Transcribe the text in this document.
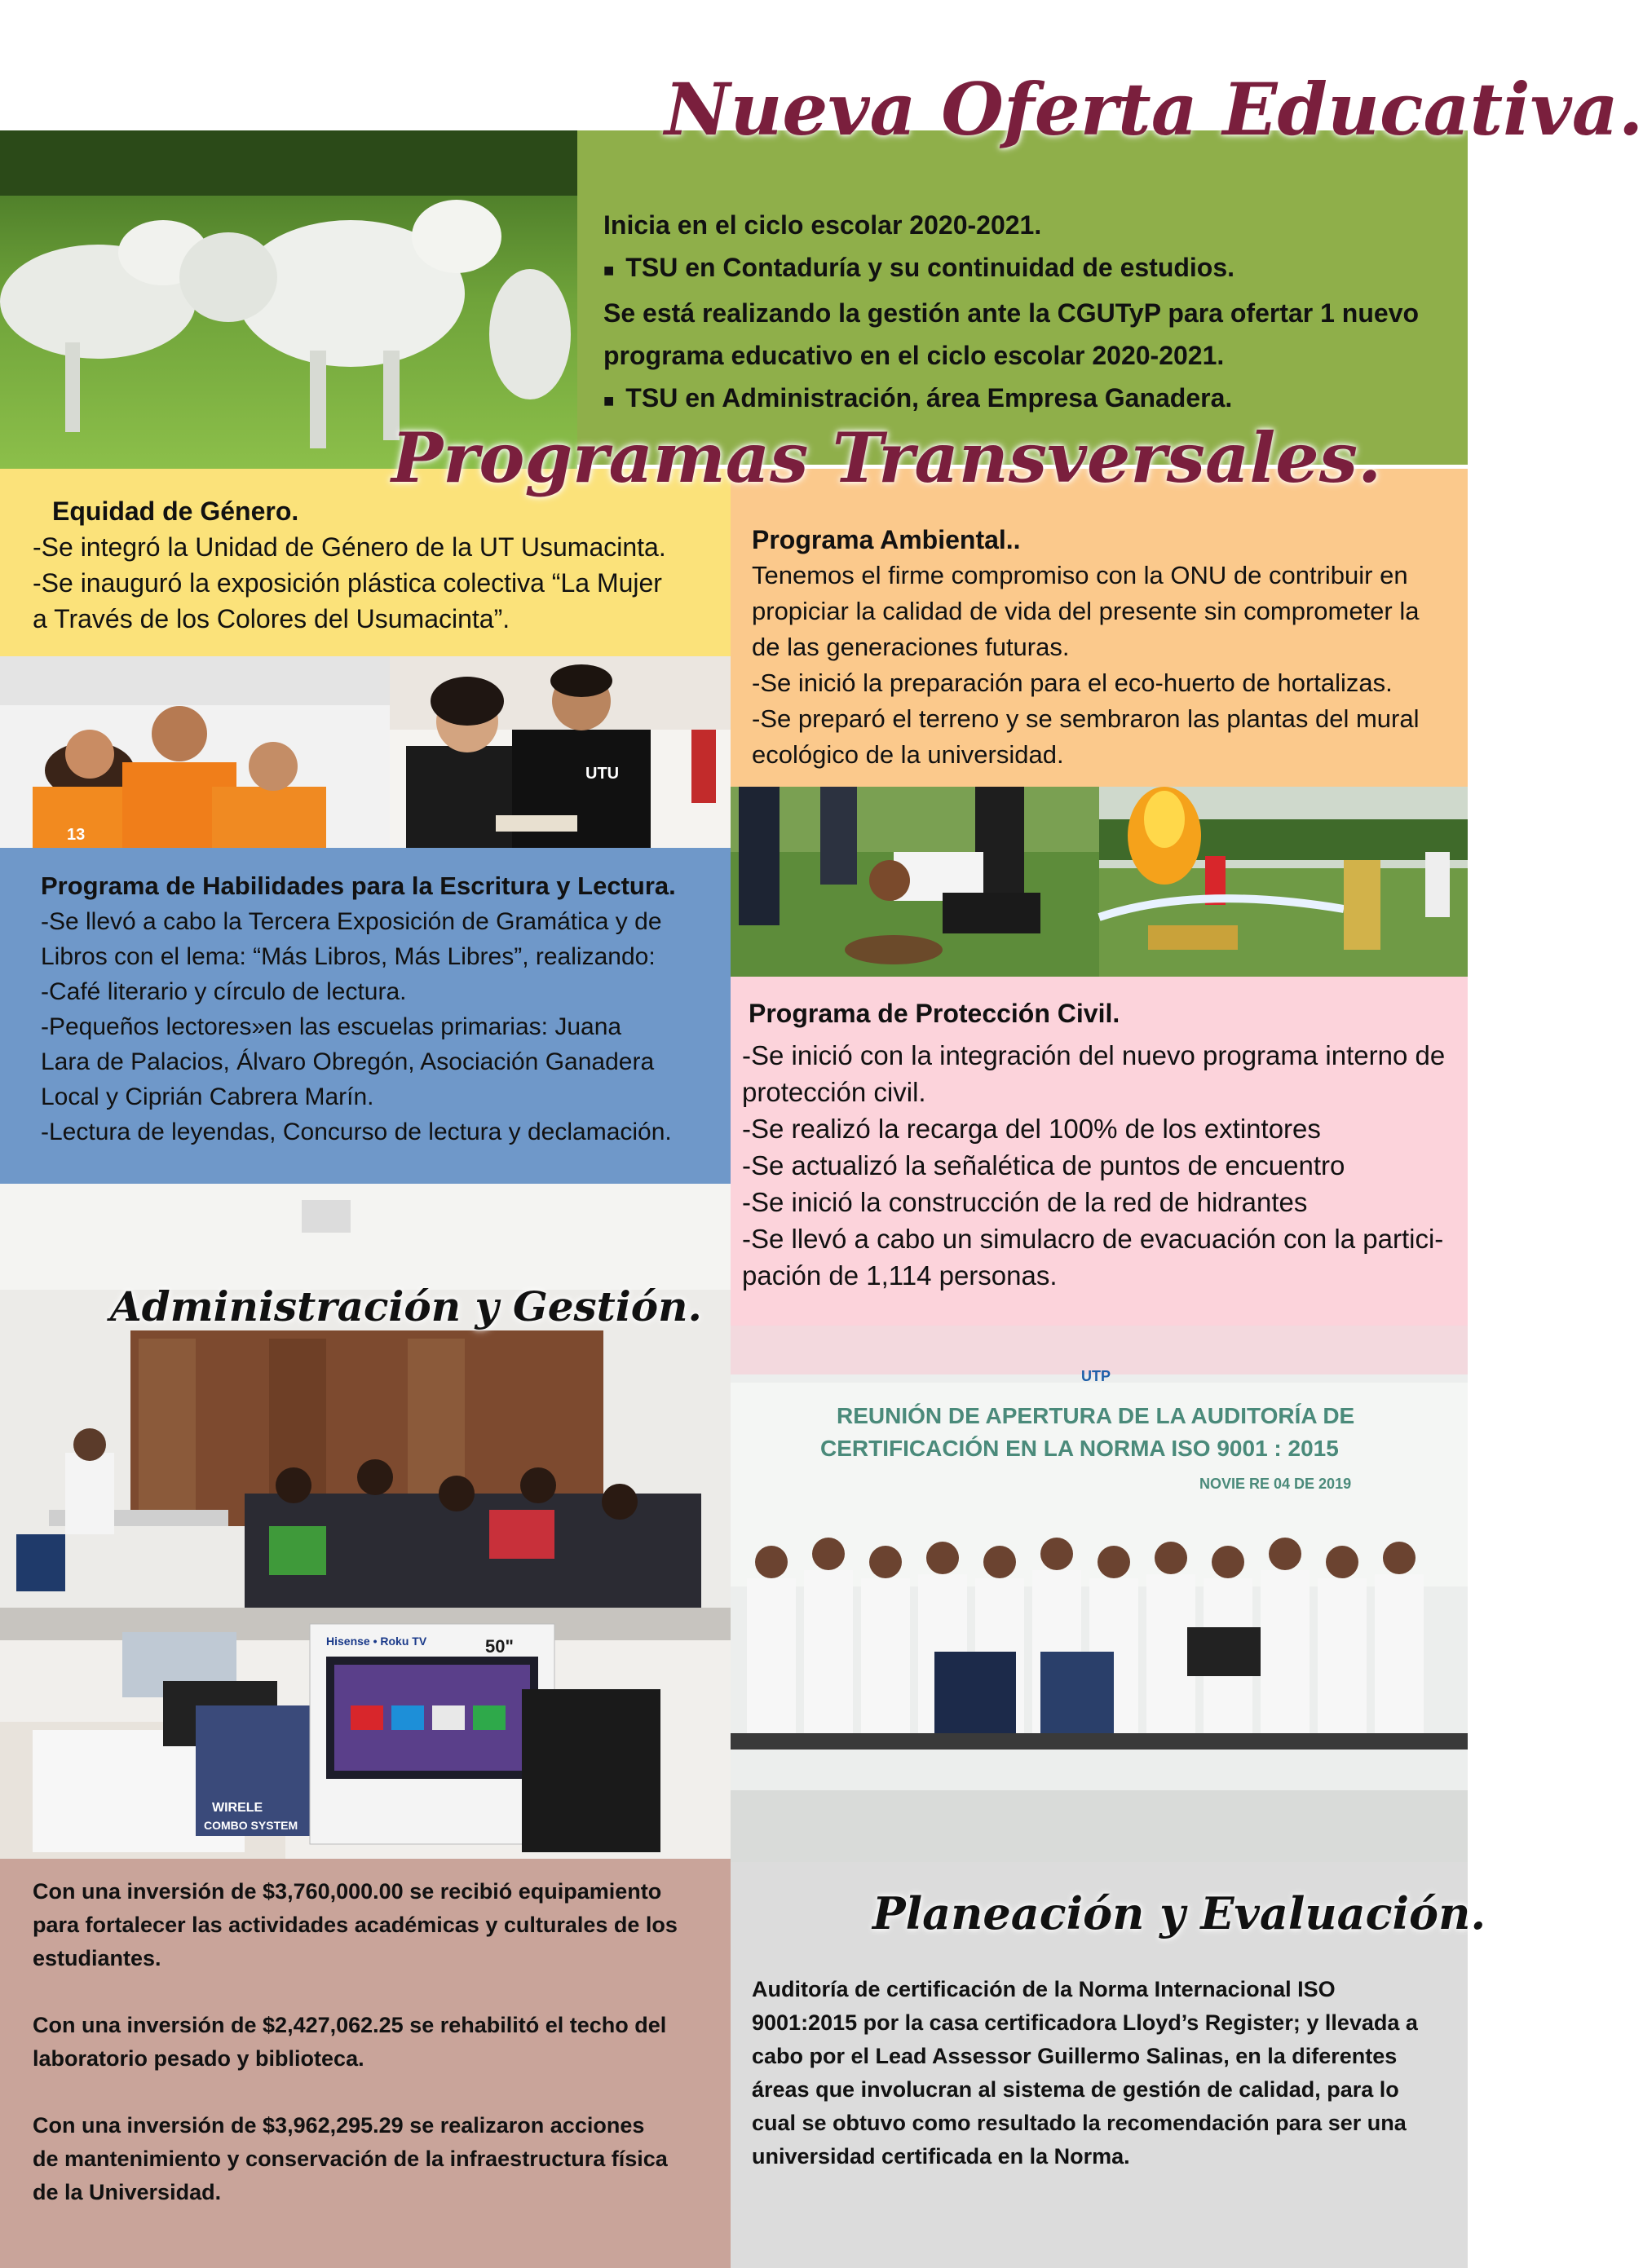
13
UTU
Hisense • Roku TV	50"
WIRELE
COMBO SYSTEM
REUNIÓN DE APERTURA DE LA AUDITORÍA DE
CERTIFICACIÓN EN LA NORMA ISO 9001 : 2015
NOVIE RE 04 DE 2019
UTP
Nueva Oferta Educativa.
Programas Transversales.
Administración y Gestión.
Planeación y Evaluación.
Inicia en el ciclo escolar 2020-2021.
■ TSU en Contaduría y su continuidad de estudios.
Se está realizando la gestión ante la CGUTyP para ofertar 1 nuevo
programa educativo en el ciclo escolar 2020-2021.
■ TSU en Administración, área Empresa Ganadera.
Equidad de Género.
-Se integró la Unidad de Género de la UT Usumacinta.
-Se inauguró la exposición plástica colectiva “La Mujer
a Través de los Colores del Usumacinta”.
Programa Ambiental..
Tenemos el firme compromiso con la ONU de contribuir en
propiciar la calidad de vida del presente sin comprometer la
de las generaciones futuras.
-Se inició la preparación para el eco-huerto de hortalizas.
-Se preparó el terreno y se sembraron las plantas del mural
ecológico de la universidad.
Programa de Habilidades para la Escritura y Lectura.
-Se llevó a cabo la Tercera Exposición de Gramática y de
Libros con el lema: “Más Libros, Más Libres”, realizando:
-Café literario y círculo de lectura.
-Pequeños lectores»en las escuelas primarias: Juana
Lara de Palacios, Álvaro Obregón, Asociación Ganadera
Local y Ciprián Cabrera Marín.
-Lectura de leyendas, Concurso de lectura y declamación.
Programa de Protección Civil.
-Se inició con la integración del nuevo programa interno de
protección civil.
-Se realizó la recarga del 100% de los extintores
-Se actualizó la señalética de puntos de encuentro
-Se inició la construcción de la red de hidrantes
-Se llevó a cabo un simulacro de evacuación con la partici-
pación de 1,114 personas.
Con una inversión de $3,760,000.00 se recibió equipamiento
para fortalecer las actividades académicas y culturales de los
estudiantes.
Con una inversión de $2,427,062.25 se rehabilitó el techo del
laboratorio pesado y biblioteca.
Con una inversión de $3,962,295.29 se realizaron acciones
de mantenimiento y conservación de la infraestructura física
de la Universidad.
Auditoría de certificación de la Norma Internacional ISO
9001:2015 por la casa certificadora Lloyd’s Register; y llevada a
cabo por el Lead Assessor Guillermo Salinas, en la diferentes
áreas que involucran al sistema de gestión de calidad, para lo
cual se obtuvo como resultado la recomendación para ser una
universidad certificada en la Norma.
